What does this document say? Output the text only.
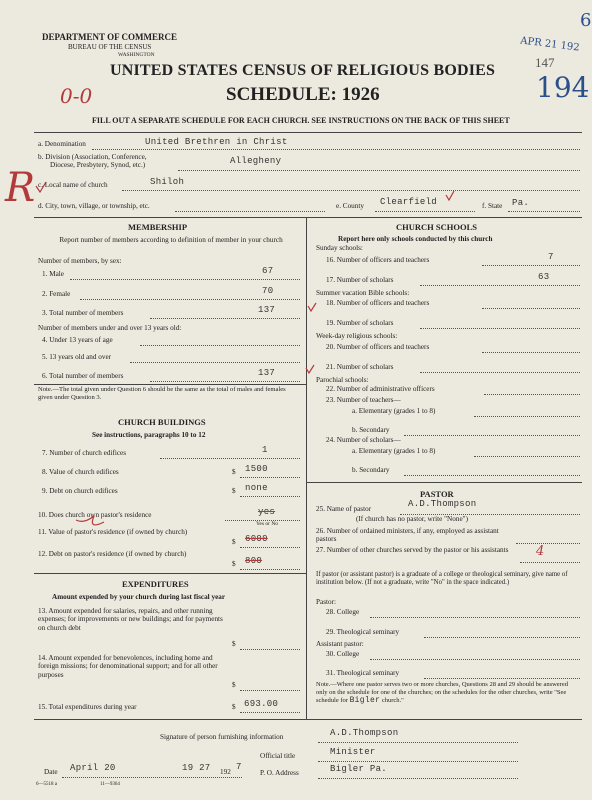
DEPARTMENT OF COMMERCE
BUREAU OF THE CENSUS
WASHINGTON
UNITED STATES CENSUS OF RELIGIOUS BODIES
SCHEDULE: 1926
FILL OUT A SEPARATE SCHEDULE FOR EACH CHURCH. SEE INSTRUCTIONS ON THE BACK OF THIS SHEET
APR 21 192
147
194
0-0
R
6
a. Denomination	United Brethren in Christ
b. Division (Association, Conference,
Diocese, Presbytery, Synod, etc.)	Allegheny
c. Local name of church	Shiloh
d. City, town, village, or township, etc.	e. County Clearfield	f. State Pa.
MEMBERSHIP
Report number of members according to definition of member in your church
Number of members, by sex:
1. Male	67
2. Female	70
3. Total number of members	137
Number of members under and over 13 years old:
4. Under 13 years of age
5. 13 years old and over
6. Total number of members	137
Note.—The total given under Question 6 should be the same as the total of males and females given under Question 3.
CHURCH BUILDINGS
See instructions, paragraphs 10 to 12
7. Number of church edifices	1
8. Value of church edifices	$ 1500
9. Debt on church edifices	$ none
10. Does church own pastor's residence	yes
Yes or No
11. Value of pastor's residence (if owned by church)
$ 6000
12. Debt on pastor's residence (if owned by church)
$ 800
EXPENDITURES
Amount expended by your church during last fiscal year
13. Amount expended for salaries, repairs, and other running expenses; for improvements or new buildings; and for payments on church debt
$
14. Amount expended for benevolences, including home and foreign missions; for denominational support; and for all other purposes
$
15. Total expenditures during year	$ 693.00
CHURCH SCHOOLS
Report here only schools conducted by this church
Sunday schools:
16. Number of officers and teachers	7
17. Number of scholars	63
Summer vacation Bible schools:
18. Number of officers and teachers
19. Number of scholars
Week-day religious schools:
20. Number of officers and teachers
21. Number of scholars
Parochial schools:
22. Number of administrative officers
23. Number of teachers—
a. Elementary (grades 1 to 8)
b. Secondary
24. Number of scholars—
a. Elementary (grades 1 to 8)
b. Secondary
PASTOR
25. Name of pastor	A.D.Thompson
(If church has no pastor, write "None")
26. Number of ordained ministers, if any, employed as assistant pastors
27. Number of other churches served by the pastor or his assistants	4
If pastor (or assistant pastor) is a graduate of a college or theological seminary, give name of institution below. (If not a graduate, write "No" in the space indicated.)
Pastor:
28. College
29. Theological seminary
Assistant pastor:
30. College
31. Theological seminary
Note.—Where one pastor serves two or more churches, Questions 28 and 29 should be answered only on the schedule for one of the churches; on the schedules for the other churches, write "See schedule for Bigler church."
Signature of person furnishing information	A.D.Thompson
Official title	Minister
Date April 20	19 27 192 7
P. O. Address	Bigler Pa.
6—5518 a	11—9364
